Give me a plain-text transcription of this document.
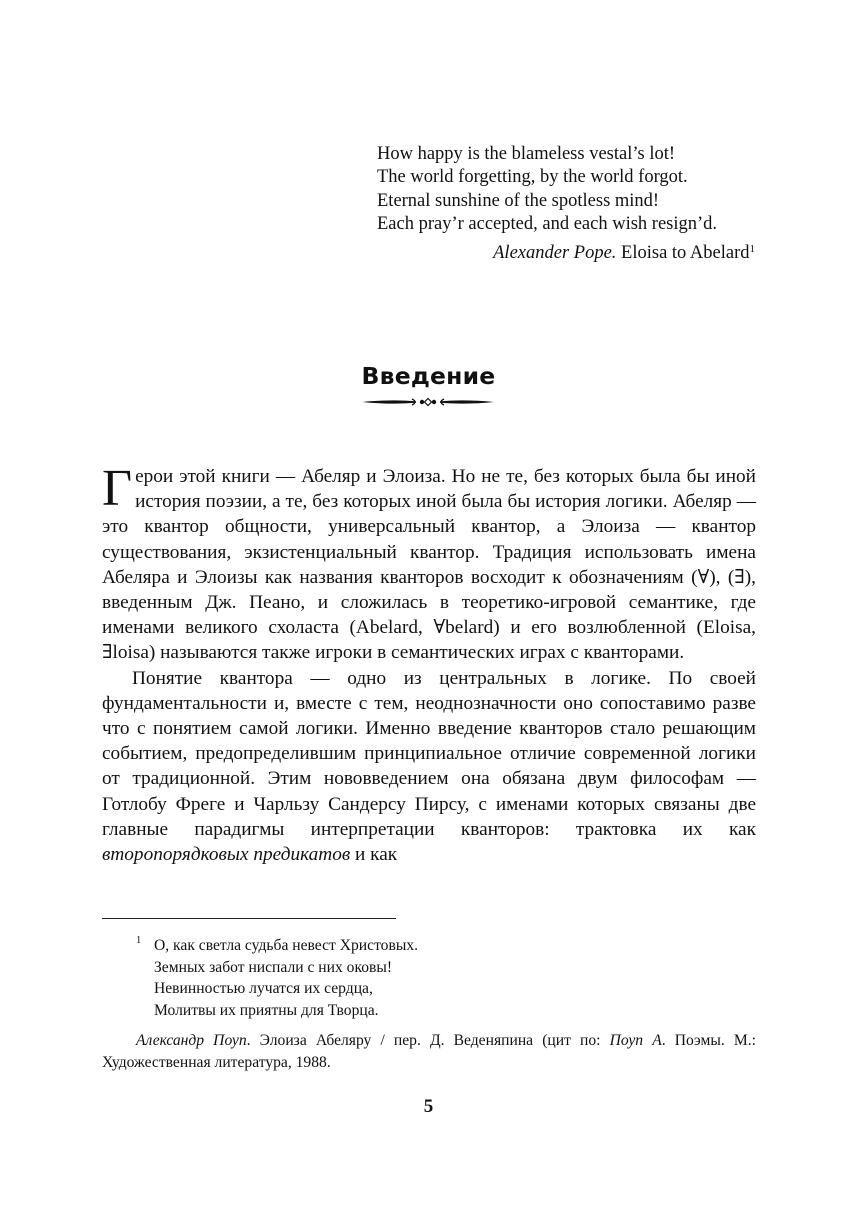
How happy is the blameless vestal’s lot!
The world forgetting, by the world forgot.
Eternal sunshine of the spotless mind!
Each pray’r accepted, and each wish resign’d.
Alexander Pope. Eloisa to Abelard$^1$
Введение

Герои этой книги — Абеляр и Элоиза. Но не те, без которых была бы иной история поэзии, а те, без которых иной была бы история логики. Абеляр — это квантор общности, универсальный квантор, а Элоиза — квантор существования, экзистенциальный квантор. Традиция использовать имена Абеляра и Элоизы как названия кванторов восходит к обозначениям (∀), (∃), введенным Дж. Пеано, и сложилась в теоретико-игровой семантике, где именами великого схоласта (Abelard, ∀belard) и его возлюбленной (Eloisa, ∃loisa) называются также игроки в семантических играх с кванторами.

Понятие квантора — одно из центральных в логике. По своей фундаментальности и, вместе с тем, неоднозначности оно сопоставимо разве что с понятием самой логики. Именно введение кванторов стало решающим событием, предопределившим принципиальное отличие современной логики от традиционной. Этим нововведением она обязана двум философам — Готлобу Фреге и Чарльзу Сандерсу Пирсу, с именами которых связаны две главные парадигмы интерпретации кванторов: трактовка их как второпорядковых предикатов и как

1 О, как светла судьба невест Христовых.
Земных забот ниспали с них оковы!
Невинностью лучатся их сердца,
Молитвы их приятны для Творца.
Александр Поуп. Элоиза Абеляру / пер. Д. Веденяпина (цит по: Поуп А. Поэмы. М.: Художественная литература, 1988.
5
